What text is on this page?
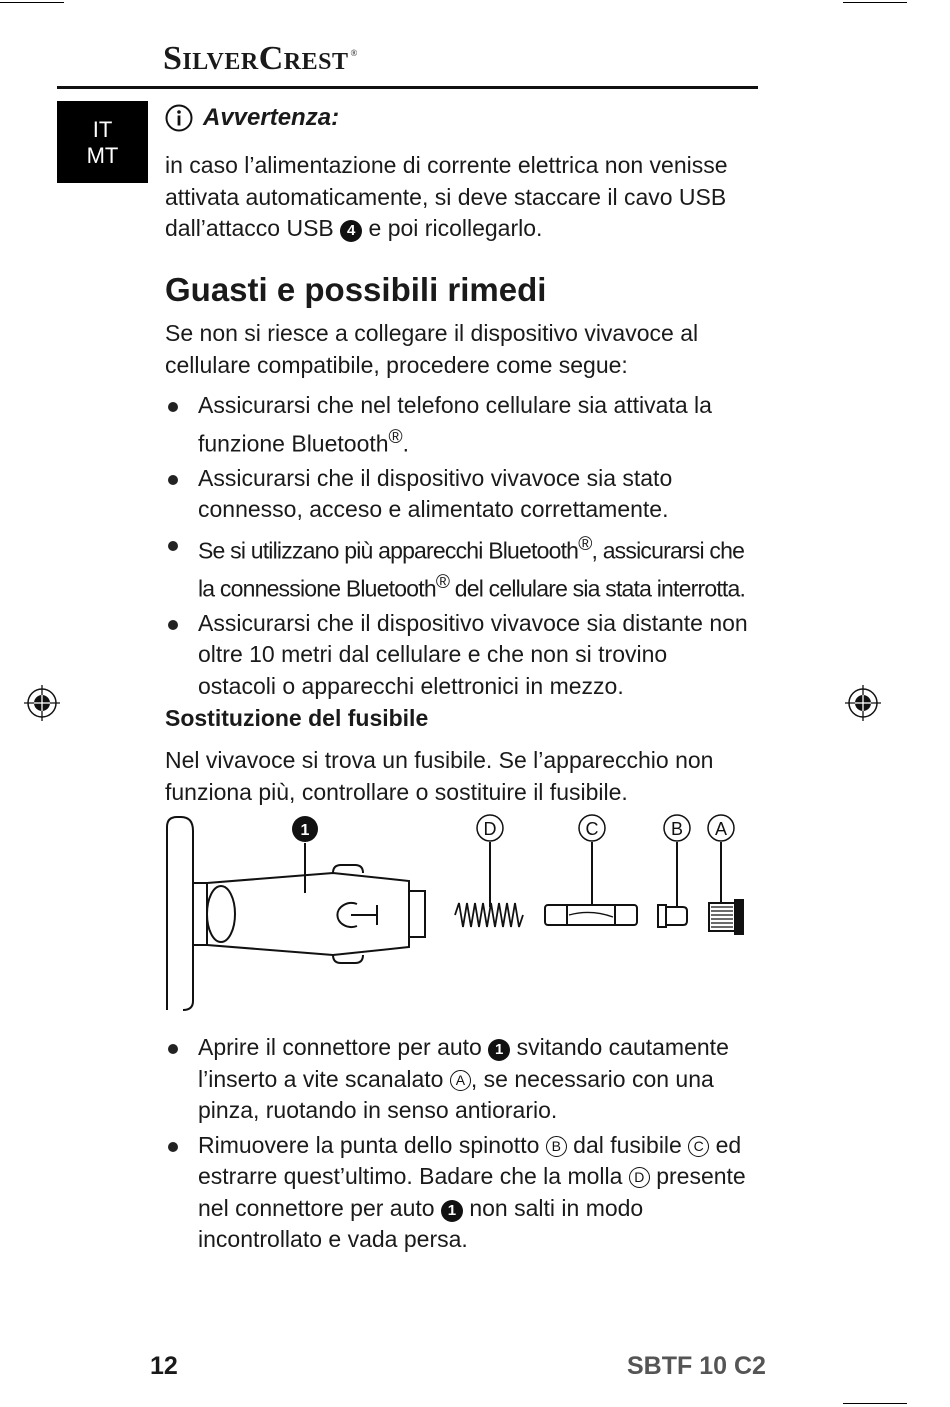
SilverCrest ®
IT
MT
Avvertenza:
in caso l’alimentazione di corrente elettrica non venisse attivata automaticamente, si deve staccare il cavo USB dall’attacco USB 4 e poi ricollegarlo.
Guasti e possibili rimedi
Se non si riesce a collegare il dispositivo vivavoce al cellulare compatibile, procedere come segue:
Assicurarsi che nel telefono cellulare sia attivata la funzione Bluetooth®.
Assicurarsi che il dispositivo vivavoce sia stato connesso, acceso e alimentato correttamente.
Se si utilizzano più apparecchi Bluetooth®, assicurarsi che la connessione Bluetooth® del cellulare sia stata interrotta.
Assicurarsi che il dispositivo vivavoce sia distante non oltre 10 metri dal cellulare e che non si trovino ostacoli o apparecchi elettronici in mezzo.
Sostituzione del fusibile
Nel vivavoce si trova un fusibile. Se l’apparecchio non funziona più, controllare o sostituire il fusibile.
1	D	C	B A
Aprire il connettore per auto 1 svitando cautamente l’inserto a vite scanalato A , se necessario con una pinza, ruotando in senso antiorario.
Rimuovere la punta dello spinotto B dal fusibile C ed estrarre quest’ultimo. Badare che la molla D presente nel connettore per auto 1 non salti in modo incontrollato e vada persa.
12	SBTF 10 C2
